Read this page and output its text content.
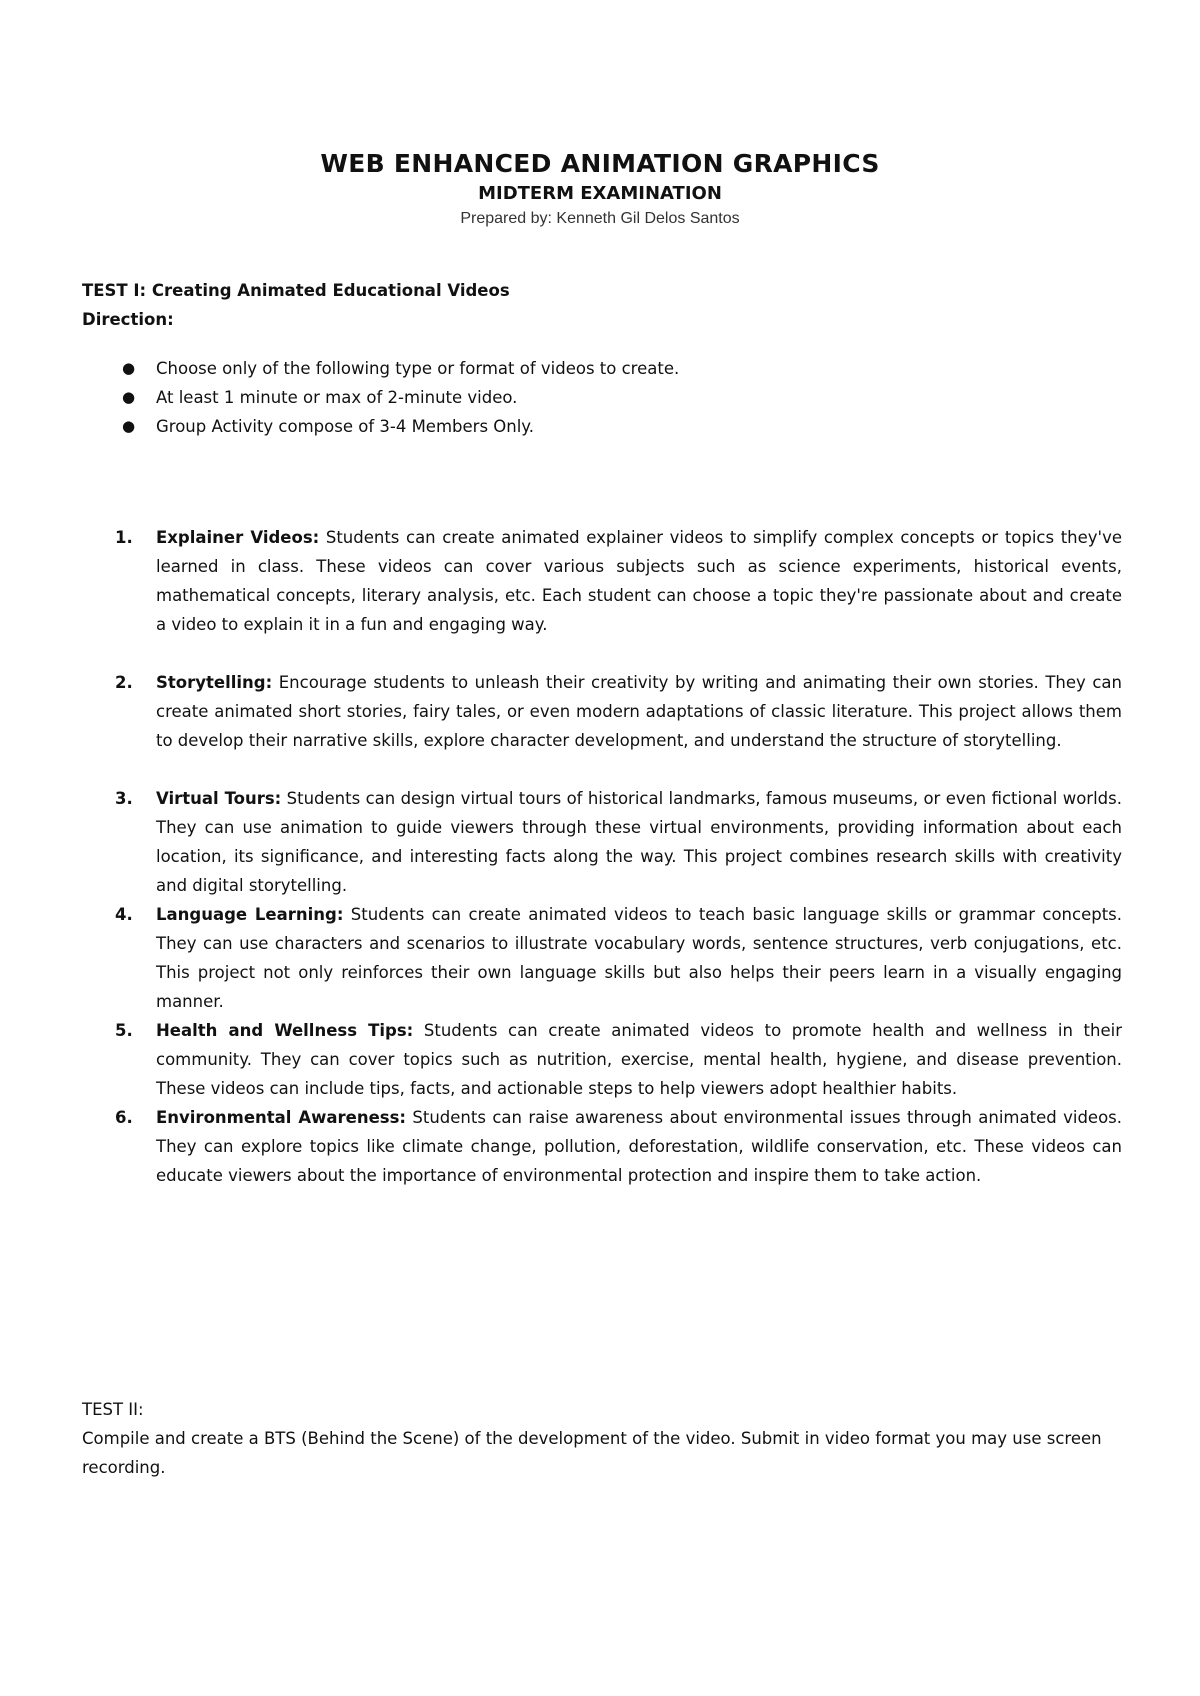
WEB ENHANCED ANIMATION GRAPHICS
MIDTERM EXAMINATION

Prepared by: Kenneth Gil Delos Santos

TEST I: Creating Animated Educational Videos
Direction:
● Choose only of the following type or format of videos to create.
● At least 1 minute or max of 2-minute video.
● Group Activity compose of 3-4 Members Only.
1. Explainer Videos: Students can create animated explainer videos to simplify complex concepts or topics they've learned in class. These videos can cover various subjects such as science experiments, historical events, mathematical concepts, literary analysis, etc. Each student can choose a topic they're passionate about and create a video to explain it in a fun and engaging way.
2. Storytelling: Encourage students to unleash their creativity by writing and animating their own stories. They can create animated short stories, fairy tales, or even modern adaptations of classic literature. This project allows them to develop their narrative skills, explore character development, and understand the structure of storytelling.
3. Virtual Tours: Students can design virtual tours of historical landmarks, famous museums, or even fictional worlds. They can use animation to guide viewers through these virtual environments, providing information about each location, its significance, and interesting facts along the way. This project combines research skills with creativity and digital storytelling.
4. Language Learning: Students can create animated videos to teach basic language skills or grammar concepts. They can use characters and scenarios to illustrate vocabulary words, sentence structures, verb conjugations, etc. This project not only reinforces their own language skills but also helps their peers learn in a visually engaging manner.
5. Health and Wellness Tips: Students can create animated videos to promote health and wellness in their community. They can cover topics such as nutrition, exercise, mental health, hygiene, and disease prevention. These videos can include tips, facts, and actionable steps to help viewers adopt healthier habits.
6. Environmental Awareness: Students can raise awareness about environmental issues through animated videos. They can explore topics like climate change, pollution, deforestation, wildlife conservation, etc. These videos can educate viewers about the importance of environmental protection and inspire them to take action.
TEST II:
Compile and create a BTS (Behind the Scene) of the development of the video. Submit in video format you may use screen recording.
